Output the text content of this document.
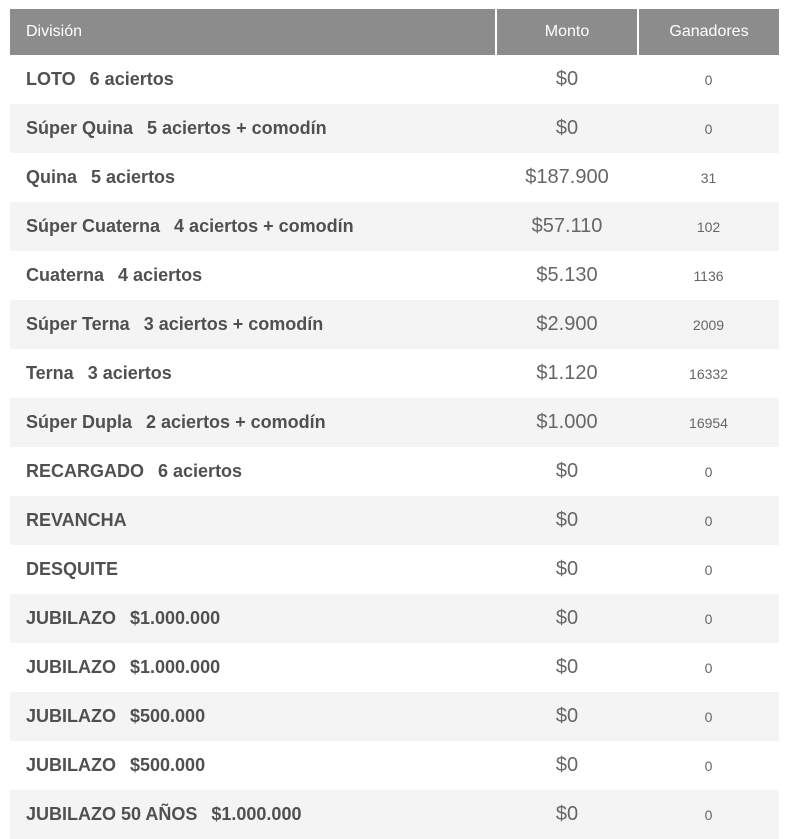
División	Monto	Ganadores
LOTO 6 aciertos	$0	0
Súper Quina 5 aciertos + comodín	$0	0
Quina 5 aciertos	$187.900	31
Súper Cuaterna 4 aciertos + comodín	$57.110	102
Cuaterna 4 aciertos	$5.130	1136
Súper Terna 3 aciertos + comodín	$2.900	2009
Terna 3 aciertos	$1.120	16332
Súper Dupla 2 aciertos + comodín	$1.000	16954
RECARGADO 6 aciertos	$0	0
REVANCHA	$0	0
DESQUITE	$0	0
JUBILAZO $1.000.000	$0	0
JUBILAZO $1.000.000	$0	0
JUBILAZO $500.000	$0	0
JUBILAZO $500.000	$0	0
JUBILAZO 50 AÑOS $1.000.000	$0	0
